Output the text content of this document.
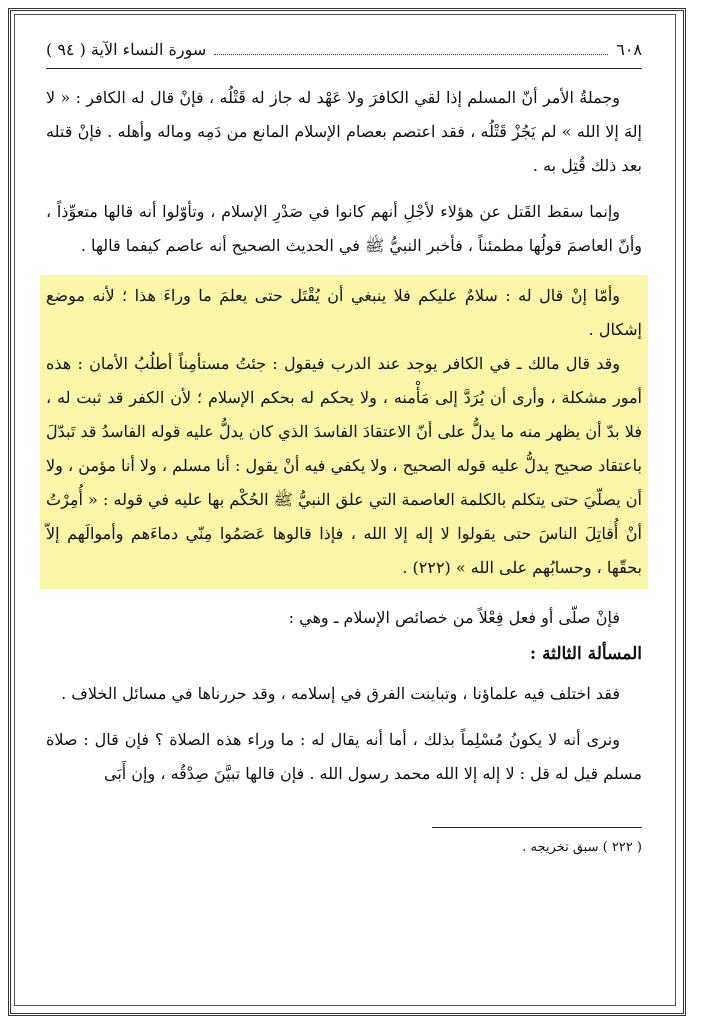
٦٠٨
سورة النساء الآية ( ٩٤ )

وجملةُ الأمر أنّ المسلم إذا لقي الكافرَ ولا عَهْد له جاز له قَتْلُه ، فإنْ قال له الكافر : « لا إلهَ إلا الله » لم يَجُزْ قَتْلُه ، فقد اعتصم بعصام الإسلام المانع من دَمِه وماله وأهله . فإنْ قتله بعد ذلك قُتِل به .

وإنما سقط القَتل عن هؤلاء لأجْلِ أنهم كانوا في صَدْرِ الإسلام ، وتأوّلوا أنه قالها متعوِّذاً ، وأنّ العاصمَ قولُها مطمئناً ، فأخبر النبيُّ ﷺ في الحديث الصحيح أنه عاصم كيفما قالها .

وأمّا إنْ قال له : سلامٌ عليكم فلا ينبغي أن يُقْتَل حتى يعلمَ ما وراءَ هذا ؛ لأنه موضع إشكال .

وقد قال مالك ـ في الكافر يوجد عند الدرب فيقول : جئتُ مستأمِناً أطلُبُ الأمان : هذه أمور مشكلة ، وأرى أن يُرَدَّ إلى مَأْمنه ، ولا يحكم له بحكم الإسلام ؛ لأن الكفر قد ثبت له ، فلا بدّ أن يظهر منه ما يدلُّ على أنّ الاعتقادَ الفاسدَ الذي كان يدلُّ عليه قوله الفاسدُ قد تَبدّلَ باعتقاد صحيح يدلُّ عليه قوله الصحيح ، ولا يكفي فيه أنْ يقول : أنا مسلم ، ولا أنا مؤمن ، ولا أن يصلّيَ حتى يتكلم بالكلمة العاصمة التي علق النبيُّ ﷺ الحُكْم بها عليه في قوله : « أُمِرْتُ أنْ أُقاتِلَ الناسَ حتى يقولوا لا إله إلا الله ، فإذا قالوها عَصَمُوا مِنّي دماءَهم وأموالَهم إلاّ بحقّها ، وحسابُهم على الله » (٢٢٢) .

فإنْ صلّى أو فعل فِعْلاً من خصائص الإسلام ـ وهي :

المسألة الثالثة :

فقد اختلف فيه علماؤنا ، وتباينت الفرق في إسلامه ، وقد حررناها في مسائل الخلاف .

ونرى أنه لا يكونُ مُسْلِماً بذلك ، أما أنه يقال له : ما وراء هذه الصلاة ؟ فإن قال : صلاة مسلم قيل له قل : لا إله إلا الله محمد رسول الله . فإن قالها تبيَّنَ صِدْقُه ، وإن أَبَى

( ٢٢٢ ) سبق تخريجه .
